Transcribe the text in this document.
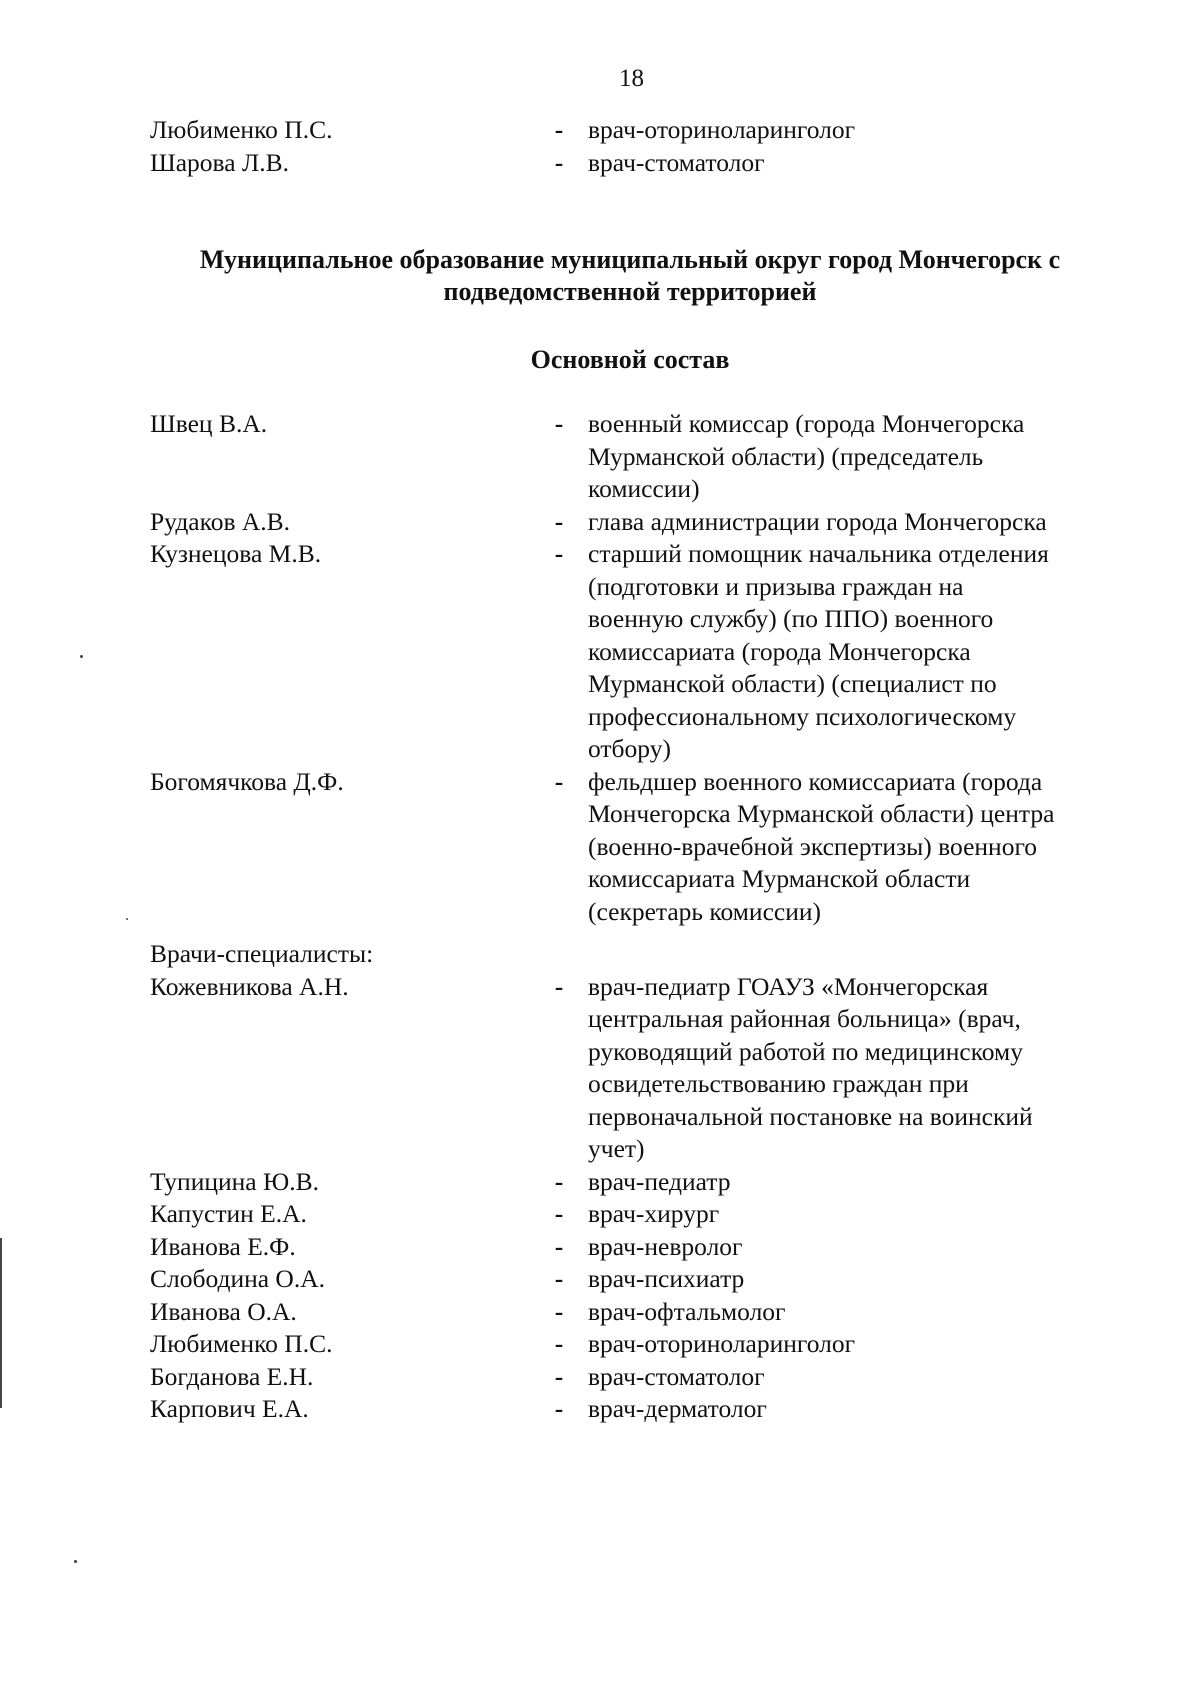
18
Любименко П.С.	- врач-оториноларинголог
Шарова Л.В.	- врач-стоматолог
Муниципальное образование муниципальный округ город Мончегорск с
подведомственной территорией
Основной состав
Швец В.А.	- военный комиссар (города Мончегорска
Мурманской области) (председатель
комиссии)
Рудаков А.В.	- глава администрации города Мончегорска
Кузнецова М.В.	- старший помощник начальника отделения
(подготовки и призыва граждан на
военную службу) (по ППО) военного
комиссариата (города Мончегорска
Мурманской области) (специалист по
профессиональному психологическому
отбору)
Богомячкова Д.Ф.	- фельдшер военного комиссариата (города
Мончегорска Мурманской области) центра
(военно-врачебной экспертизы) военного
комиссариата Мурманской области
(секретарь комиссии)
Врачи-специалисты:
Кожевникова А.Н.	- врач-педиатр ГОАУЗ «Мончегорская
центральная районная больница» (врач,
руководящий работой по медицинскому
освидетельствованию граждан при
первоначальной постановке на воинский
учет)
Тупицина Ю.В.	- врач-педиатр
Капустин Е.А.	- врач-хирург
Иванова Е.Ф.	- врач-невролог
Слободина О.А.	- врач-психиатр
Иванова О.А.	- врач-офтальмолог
Любименко П.С.	- врач-оториноларинголог
Богданова Е.Н.	- врач-стоматолог
Карпович Е.А.	- врач-дерматолог
